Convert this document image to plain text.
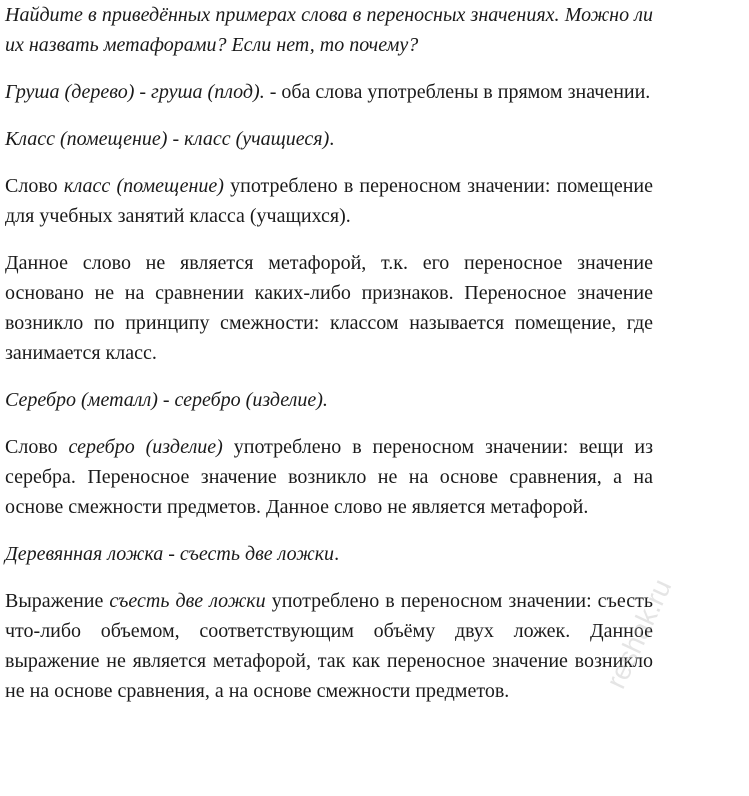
Найдите в приведённых примерах слова в переносных значениях. Можно ли их назвать метафорами? Если нет, то почему?

Груша (дерево) - груша (плод). - оба слова употреблены в прямом значении.

Класс (помещение) - класс (учащиеся).

Слово класс (помещение) употреблено в переносном значении: помещение для учебных занятий класса (учащихся).

Данное слово не является метафорой, т.к. его переносное значение основано не на сравнении каких-либо признаков. Переносное значение возникло по принципу смежности: классом называется помещение, где занимается класс.

Серебро (металл) - серебро (изделие).

Слово серебро (изделие) употреблено в переносном значении: вещи из серебра. Переносное значение возникло не на основе сравнения, а на основе смежности предметов. Данное слово не является метафорой.

Деревянная ложка - съесть две ложки.

Выражение съесть две ложки употреблено в переносном значении: съесть что-либо объемом, соответствующим объёму двух ложек. Данное выражение не является метафорой, так как переносное значение возникло не на основе сравнения, а на основе смежности предметов.	reshak.ru
